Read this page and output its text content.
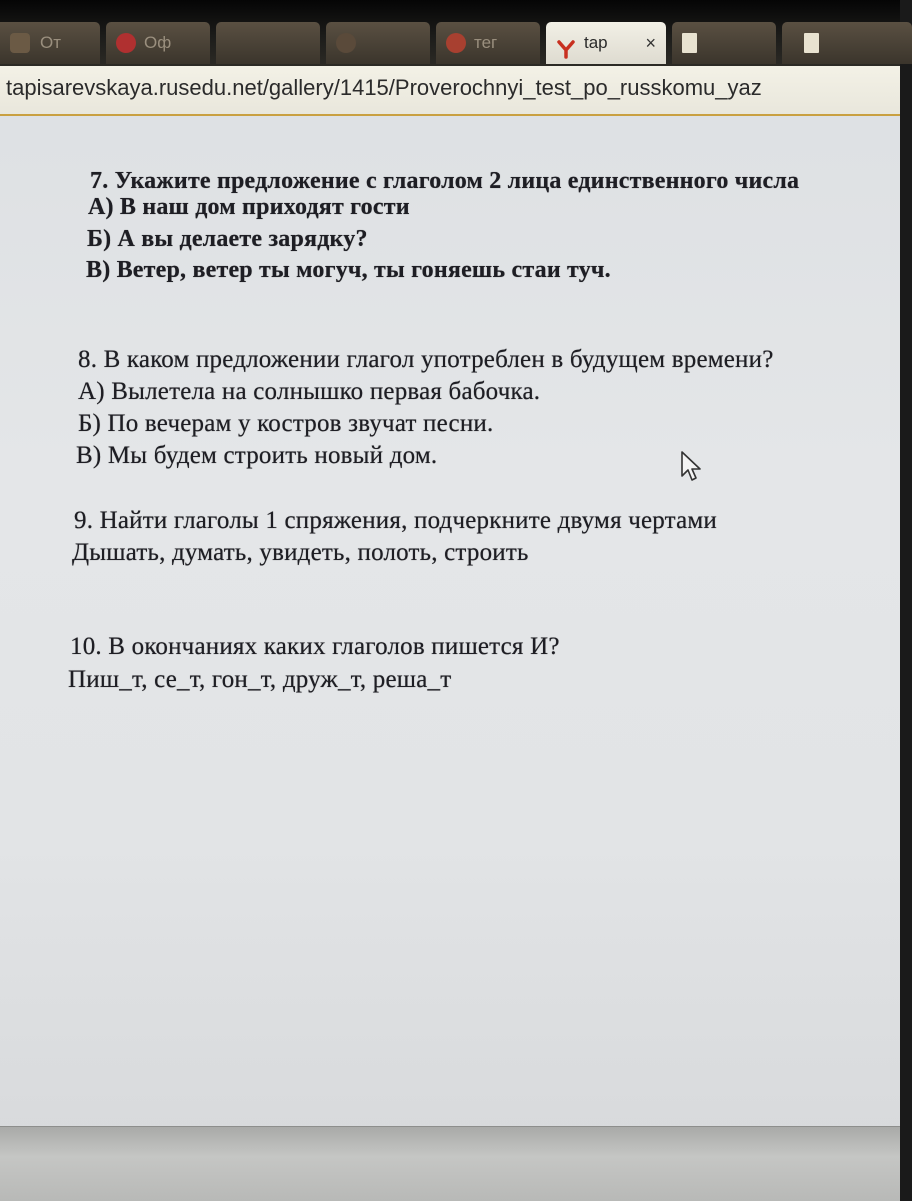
От	Оф	тег	tap ×
tapisarevskaya.rusedu.net/gallery/1415/Proverochnyi_test_po_russkomu_yaz
7. Укажите предложение с глаголом 2 лица единственного числа
А) В наш дом приходят гости
Б) А вы делаете зарядку?
В) Ветер, ветер ты могуч, ты гоняешь стаи туч.
8. В каком предложении глагол употреблен в будущем времени?
А) Вылетела на солнышко первая бабочка.
Б) По вечерам у костров звучат песни.
В) Мы будем строить новый дом.
9. Найти глаголы 1 спряжения, подчеркните двумя чертами
Дышать, думать, увидеть, полоть, строить
10. В окончаниях каких глаголов пишется И?
Пиш_т, се_т, гон_т, друж_т, реша_т
